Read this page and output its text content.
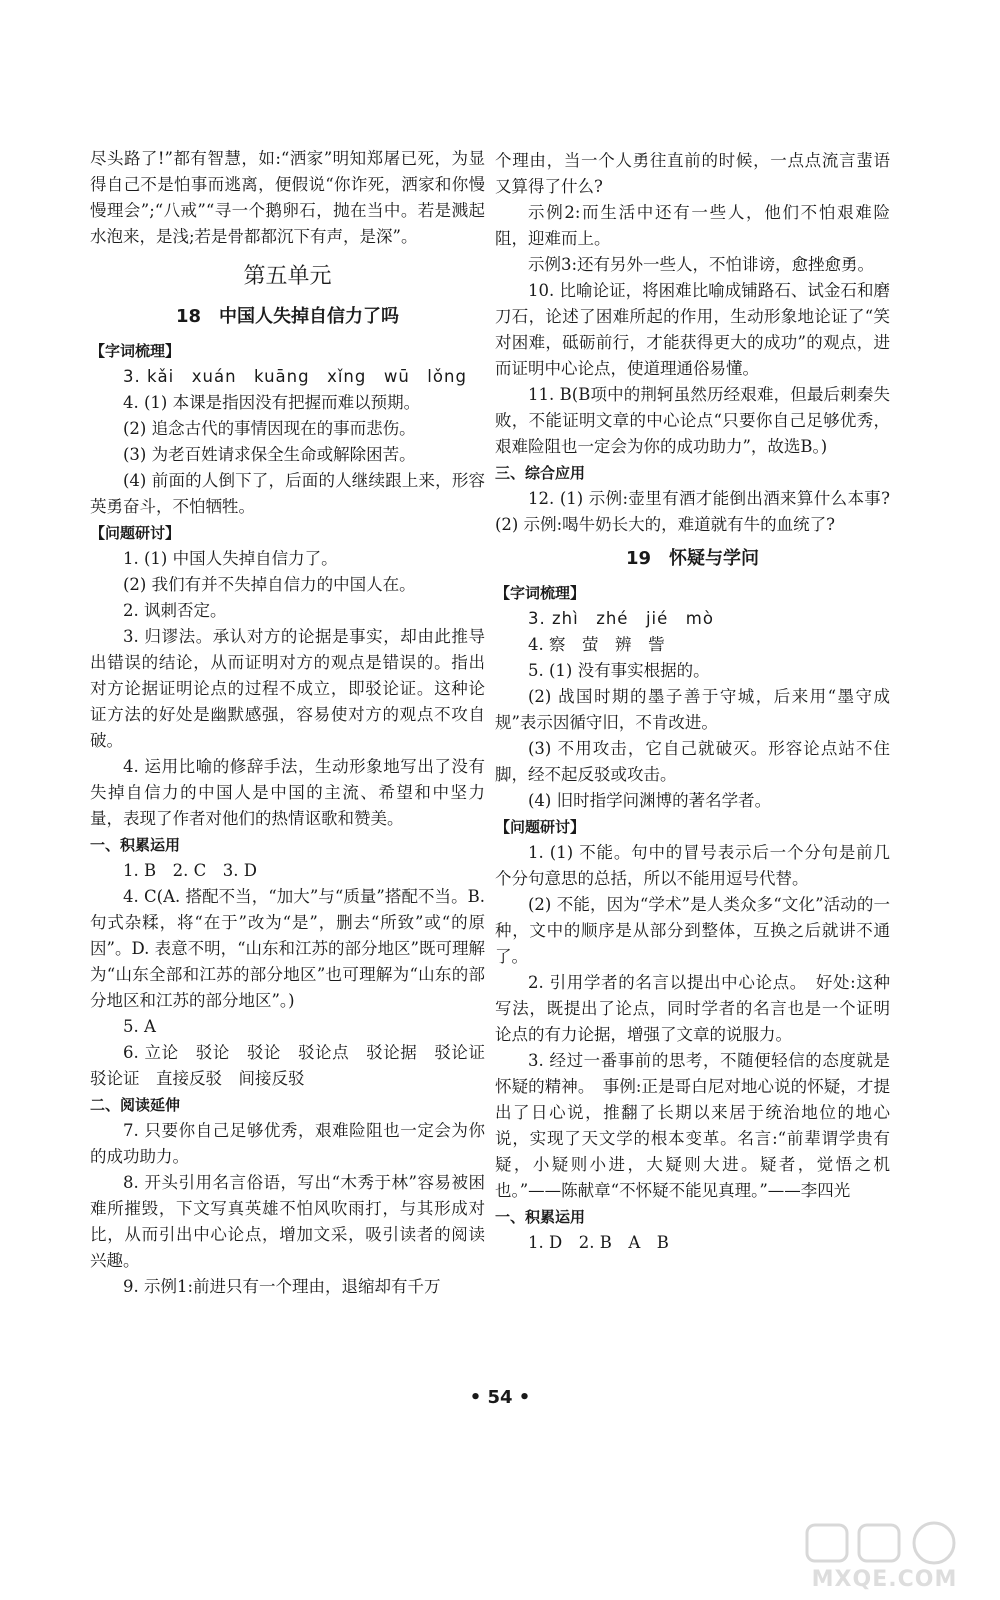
尽头路了!”都有智慧，如:“洒家”明知郑屠已死，为显得自己不是怕事而逃离，便假说“你诈死，洒家和你慢慢理会”;“八戒”“寻一个鹅卵石，抛在当中。若是溅起水泡来，是浅;若是骨都都沉下有声，是深”。

第五单元
18　中国人失掉自信力了吗

【字词梳理】

3. kǎi　xuán　kuāng　xǐng　wū　lǒng

4. (1) 本课是指因没有把握而难以预期。

(2) 追念古代的事情因现在的事而悲伤。

(3) 为老百姓请求保全生命或解除困苦。

(4) 前面的人倒下了，后面的人继续跟上来，形容英勇奋斗，不怕牺牲。

【问题研讨】

1. (1) 中国人失掉自信力了。

(2) 我们有并不失掉自信力的中国人在。

2. 讽刺否定。

3. 归谬法。承认对方的论据是事实，却由此推导出错误的结论，从而证明对方的观点是错误的。指出对方论据证明论点的过程不成立，即驳论证。这种论证方法的好处是幽默感强，容易使对方的观点不攻自破。

4. 运用比喻的修辞手法，生动形象地写出了没有失掉自信力的中国人是中国的主流、希望和中坚力量，表现了作者对他们的热情讴歌和赞美。

一、积累运用

1. B　2. C　3. D

4. C(A. 搭配不当，“加大”与“质量”搭配不当。B. 句式杂糅，将“在于”改为“是”，删去“所致”或“的原因”。D. 表意不明，“山东和江苏的部分地区”既可理解为“山东全部和江苏的部分地区”也可理解为“山东的部分地区和江苏的部分地区”。)

5. A

6. 立论　驳论　驳论　驳论点　驳论据　驳论证　驳论证　直接反驳　间接反驳

二、阅读延伸

7. 只要你自己足够优秀，艰难险阻也一定会为你的成功助力。

8. 开头引用名言俗语，写出“木秀于林”容易被困难所摧毁，下文写真英雄不怕风吹雨打，与其形成对比，从而引出中心论点，增加文采，吸引读者的阅读兴趣。

9. 示例1:前进只有一个理由，退缩却有千万

个理由，当一个人勇往直前的时候，一点点流言蜚语又算得了什么?

示例2:而生活中还有一些人，他们不怕艰难险阻，迎难而上。

示例3:还有另外一些人，不怕诽谤，愈挫愈勇。

10. 比喻论证，将困难比喻成铺路石、试金石和磨刀石，论述了困难所起的作用，生动形象地论证了“笑对困难，砥砺前行，才能获得更大的成功”的观点，进而证明中心论点，使道理通俗易懂。

11. B(B项中的荆轲虽然历经艰难，但最后刺秦失败，不能证明文章的中心论点“只要你自己足够优秀，艰难险阻也一定会为你的成功助力”，故选B。)

三、综合应用

12. (1) 示例:壶里有酒才能倒出酒来算什么本事?　(2) 示例:喝牛奶长大的，难道就有牛的血统了?

19　怀疑与学问

【字词梳理】

3. zhì　zhé　jié　mò

4. 察　萤　辨　訾

5. (1) 没有事实根据的。

(2) 战国时期的墨子善于守城，后来用“墨守成规”表示因循守旧，不肯改进。

(3) 不用攻击，它自己就破灭。形容论点站不住脚，经不起反驳或攻击。

(4) 旧时指学问渊博的著名学者。

【问题研讨】

1. (1) 不能。句中的冒号表示后一个分句是前几个分句意思的总括，所以不能用逗号代替。

(2) 不能，因为“学术”是人类众多“文化”活动的一种，文中的顺序是从部分到整体，互换之后就讲不通了。

2. 引用学者的名言以提出中心论点。　好处:这种写法，既提出了论点，同时学者的名言也是一个证明论点的有力论据，增强了文章的说服力。

3. 经过一番事前的思考，不随便轻信的态度就是怀疑的精神。　事例:正是哥白尼对地心说的怀疑，才提出了日心说，推翻了长期以来居于统治地位的地心说，实现了天文学的根本变革。名言:“前辈谓学贵有疑，小疑则小进，大疑则大进。疑者，觉悟之机也。”——陈献章“不怀疑不能见真理。”——李四光

一、积累运用

1. D　2. B　A　B

• 54 •
MXQE.COM
